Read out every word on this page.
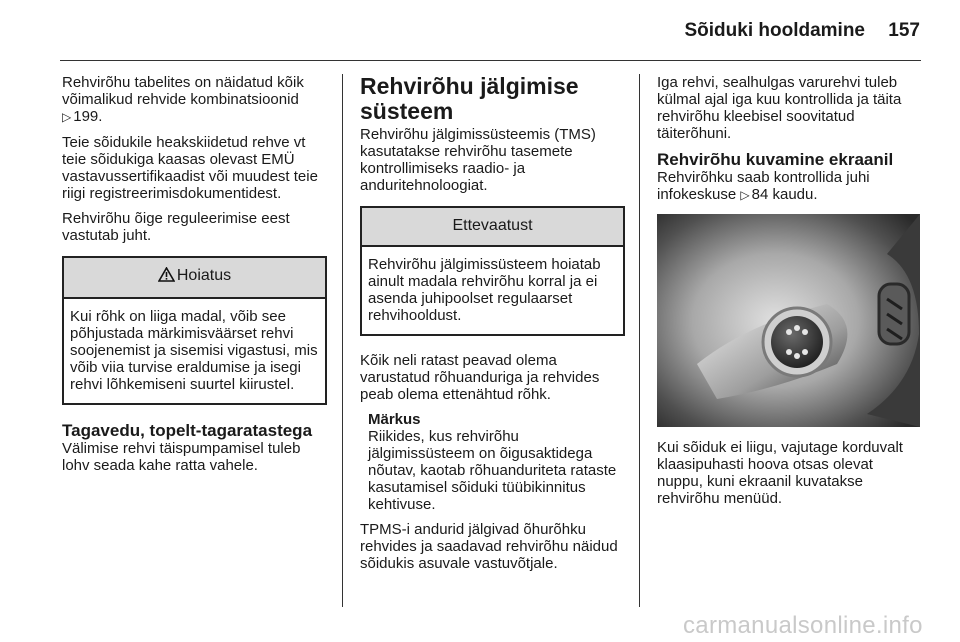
Sõiduki hooldamine 157

Rehvirõhu tabelites on näidatud kõik võimalikud rehvide kombinatsioonid
▷ 199.

Teie sõidukile heakskiidetud rehve vt teie sõidukiga kaasas olevast EMÜ vastavussertifikaadist või muudest teie riigi registreerimisdokumentidest.

Rehvirõhu õige reguleerimise eest vastutab juht.

Hoiatus
Kui rõhk on liiga madal, võib see põhjustada märkimisväärset rehvi soojenemist ja sisemisi vigastusi, mis võib viia turvise eraldumise ja isegi rehvi lõhkemiseni suurtel kiirustel.
Tagavedu, topelt-tagaratastega

Välimise rehvi täispumpamisel tuleb lohv seada kahe ratta vahele.

Rehvirõhu jälgimise süsteem

Rehvirõhu jälgimissüsteemis (TMS) kasutatakse rehvirõhu tasemete kontrollimiseks raadio- ja anduritehnoloogiat.

Ettevaatust
Rehvirõhu jälgimissüsteem hoiatab ainult madala rehvirõhu korral ja ei asenda juhipoolset regulaarset rehvihooldust.

Kõik neli ratast peavad olema varustatud rõhuanduriga ja rehvides peab olema ettenähtud rõhk.

Märkus
Riikides, kus rehvirõhu jälgimissüsteem on õigusaktidega nõutav, kaotab rõhuanduriteta rataste kasutamisel sõiduki tüübikinnitus kehtivuse.

TPMS-i andurid jälgivad õhurõhku rehvides ja saadavad rehvirõhu näidud sõidukis asuvale vastuvõtjale.

Iga rehvi, sealhulgas varurehvi tuleb külmal ajal iga kuu kontrollida ja täita rehvirõhu kleebisel soovitatud täiterõhuni.

Rehvirõhu kuvamine ekraanil

Rehvirõhku saab kontrollida juhi infokeskuse ▷ 84 kaudu.

Kui sõiduk ei liigu, vajutage korduvalt klaasipuhasti hoova otsas olevat nuppu, kuni ekraanil kuvatakse rehvirõhu menüüd.

carmanualsonline.info
